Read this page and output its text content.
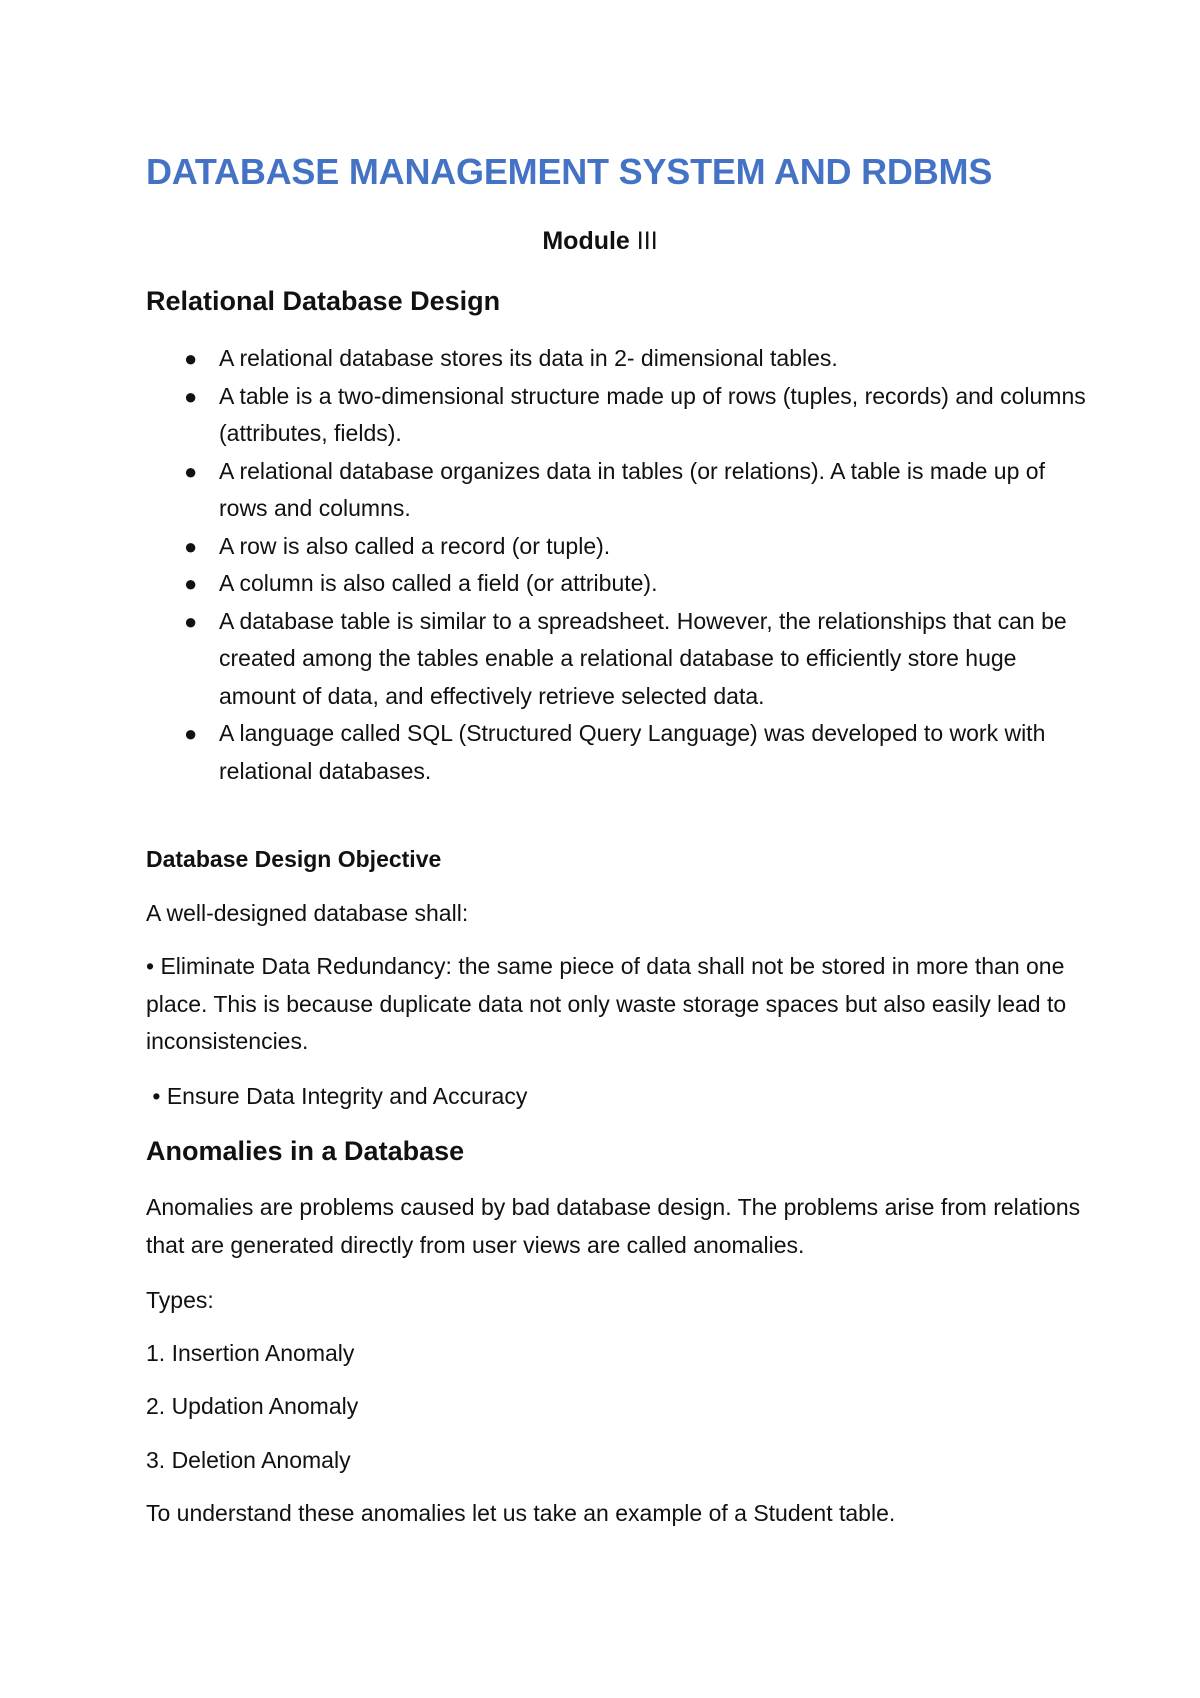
DATABASE MANAGEMENT SYSTEM AND RDBMS
Module III
Relational Database Design
● A relational database stores its data in 2- dimensional tables.
● A table is a two-dimensional structure made up of rows (tuples, records) and columns (attributes, fields).
● A relational database organizes data in tables (or relations). A table is made up of rows and columns.
● A row is also called a record (or tuple).
● A column is also called a field (or attribute).
● A database table is similar to a spreadsheet. However, the relationships that can be created among the tables enable a relational database to efficiently store huge amount of data, and effectively retrieve selected data.
● A language called SQL (Structured Query Language) was developed to work with relational databases.
Database Design Objective

A well-designed database shall:

• Eliminate Data Redundancy: the same piece of data shall not be stored in more than one place. This is because duplicate data not only waste storage spaces but also easily lead to inconsistencies.

• Ensure Data Integrity and Accuracy

Anomalies in a Database

Anomalies are problems caused by bad database design. The problems arise from relations that are generated directly from user views are called anomalies.

Types:

1. Insertion Anomaly

2. Updation Anomaly

3. Deletion Anomaly

To understand these anomalies let us take an example of a Student table.
